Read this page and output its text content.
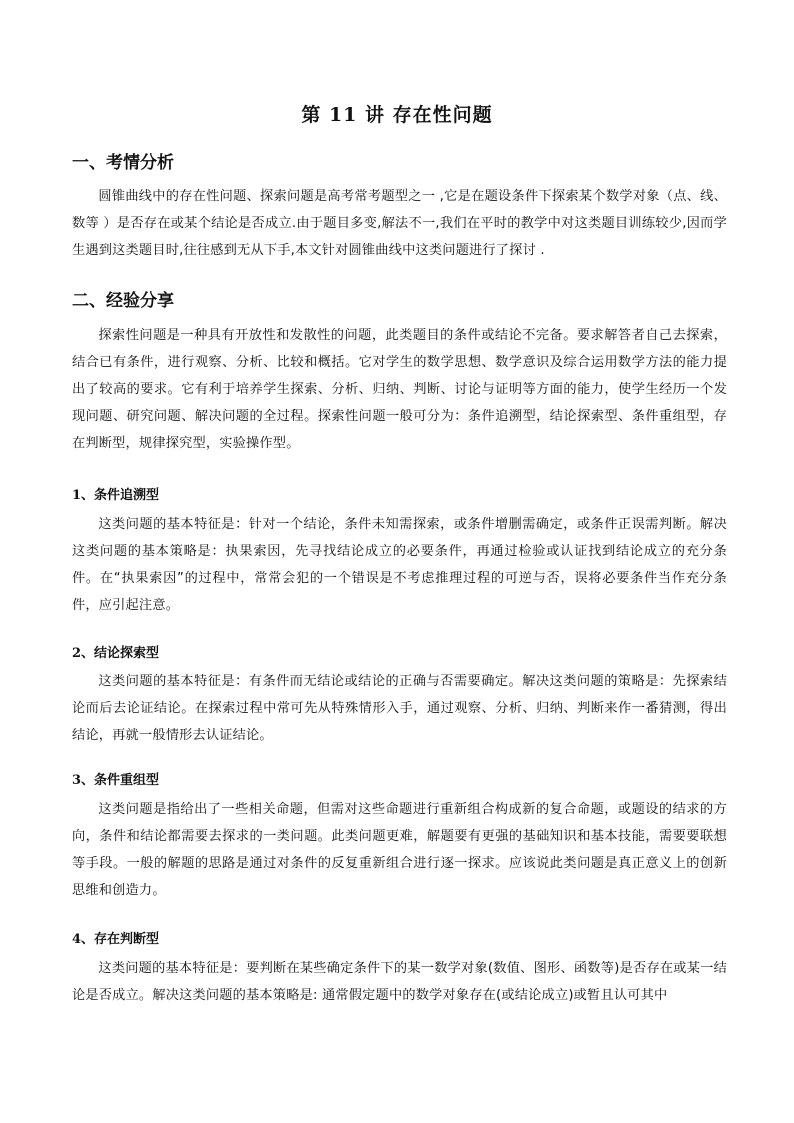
第 11 讲 存在性问题
一、考情分析
圆锥曲线中的存在性问题、探索问题是高考常考题型之一 ,它是在题设条件下探索某个数学对象（点、线、数等 ）是否存在或某个结论是否成立.由于题目多变,解法不一,我们在平时的教学中对这类题目训练较少,因而学生遇到这类题目时,往往感到无从下手,本文针对圆锥曲线中这类问题进行了探讨 .
二、经验分享
探索性问题是一种具有开放性和发散性的问题，此类题目的条件或结论不完备。要求解答者自己去探索，结合已有条件，进行观察、分析、比较和概括。它对学生的数学思想、数学意识及综合运用数学方法的能力提出了较高的要求。它有利于培养学生探索、分析、归纳、判断、讨论与证明等方面的能力，使学生经历一个发现问题、研究问题、解决问题的全过程。探索性问题一般可分为：条件追溯型，结论探索型、条件重组型，存在判断型，规律探究型，实验操作型。
1、条件追溯型
这类问题的基本特征是：针对一个结论，条件未知需探索，或条件增删需确定，或条件正误需判断。解决这类问题的基本策略是：执果索因，先寻找结论成立的必要条件，再通过检验或认证找到结论成立的充分条件。在“执果索因”的过程中，常常会犯的一个错误是不考虑推理过程的可逆与否，误将必要条件当作充分条件，应引起注意。
2、结论探索型
这类问题的基本特征是：有条件而无结论或结论的正确与否需要确定。解决这类问题的策略是：先探索结论而后去论证结论。在探索过程中常可先从特殊情形入手，通过观察、分析、归纳、判断来作一番猜测，得出结论，再就一般情形去认证结论。
3、条件重组型
这类问题是指给出了一些相关命题，但需对这些命题进行重新组合构成新的复合命题，或题设的结求的方向，条件和结论都需要去探求的一类问题。此类问题更难，解题要有更强的基础知识和基本技能，需要要联想等手段。一般的解题的思路是通过对条件的反复重新组合进行逐一探求。应该说此类问题是真正意义上的创新思维和创造力。
4、存在判断型
这类问题的基本特征是：要判断在某些确定条件下的某一数学对象(数值、图形、函数等)是否存在或某一结论是否成立。解决这类问题的基本策略是: 通常假定题中的数学对象存在(或结论成立)或暂且认可其中
